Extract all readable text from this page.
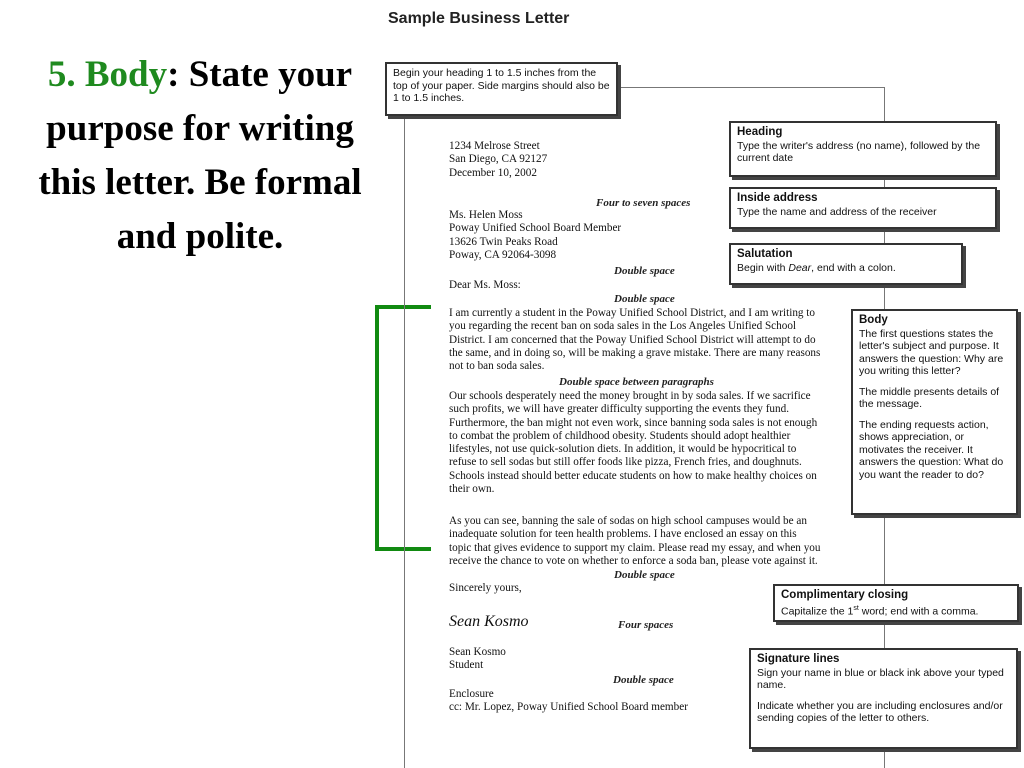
5. Body: State your purpose for writing this letter. Be formal and polite.
Sample Business Letter

Begin your heading 1 to 1.5 inches from the top of your paper. Side margins should also be 1 to 1.5 inches.

Heading

Type the writer's address (no name), followed by the current date

Inside address

Type the name and address of the receiver

Salutation

Begin with Dear, end with a colon.

Body

The first questions states the letter's subject and purpose. It answers the question: Why are you writing this letter?

The middle presents details of the message.

The ending requests action, shows appreciation, or motivates the receiver. It answers the question: What do you want the reader to do?

Complimentary closing

Capitalize the 1st word; end with a comma.

Signature lines

Sign your name in blue or black ink above your typed name.

Indicate whether you are including enclosures and/or sending copies of the letter to others.

1234 Melrose Street
San Diego, CA 92127
December 10, 2002
Four to seven spaces
Ms. Helen Moss
Poway Unified School Board Member
13626 Twin Peaks Road
Poway, CA 92064-3098
Double space
Dear Ms. Moss:
Double space
I am currently a student in the Poway Unified School District, and I am writing to
you regarding the recent ban on soda sales in the Los Angeles Unified School
District. I am concerned that the Poway Unified School District will attempt to do
the same, and in doing so, will be making a grave mistake. There are many reasons
not to ban soda sales.
Double space between paragraphs
Our schools desperately need the money brought in by soda sales. If we sacrifice
such profits, we will have greater difficulty supporting the events they fund.
Furthermore, the ban might not even work, since banning soda sales is not enough
to combat the problem of childhood obesity. Students should adopt healthier
lifestyles, not use quick-solution diets. In addition, it would be hypocritical to
refuse to sell sodas but still offer foods like pizza, French fries, and doughnuts.
Schools instead should better educate students on how to make healthy choices on
their own.
As you can see, banning the sale of sodas on high school campuses would be an
inadequate solution for teen health problems. I have enclosed an essay on this
topic that gives evidence to support my claim. Please read my essay, and when you
receive the chance to vote on whether to enforce a soda ban, please vote against it.
Double space
Sincerely yours,
Sean Kosmo	Four spaces
Sean Kosmo
Student
Double space
Enclosure
cc: Mr. Lopez, Poway Unified School Board member
